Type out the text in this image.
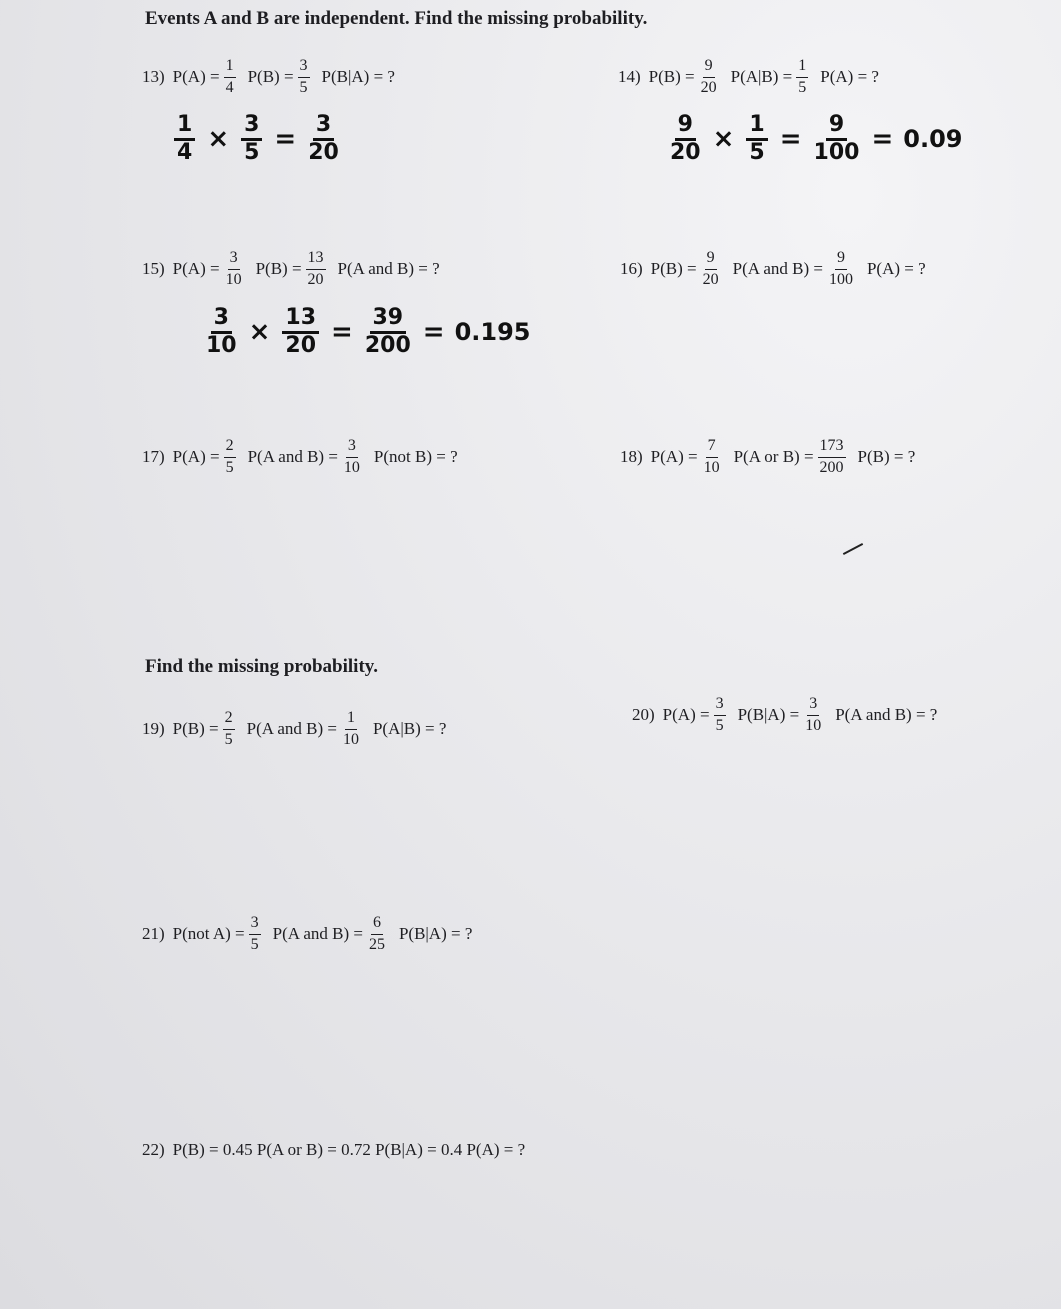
Events A and B are independent. Find the missing probability.
13) $P(A) = \frac{1}{4} P(B) = \frac{3}{5} P(B|A)$ = ?	14) $P(B) = \frac{9}{20} P(A|B) = \frac{1}{5} P(A)$ = ?
15) $P(A) = \frac{3}{10} P(B) = \frac{13}{20} P(A$ and B) = ?	16) $P(B) = \frac{9}{20} P(A$ and $B) = \frac{9}{100} P(A)$ = ?
17) $P(A) = \frac{2}{5} P(A$ and $B) = \frac{3}{10} P(not$ B) = ?	18) $P(A) = \frac{7}{10} P(A$ or $B) = \frac{173}{200} P(B)$ = ?
Find the missing probability.
19) $P(B) = \frac{2}{5} P(A$ and $B) = \frac{1}{10} P(A|B)$ = ?
20) $P(A) = \frac{3}{5} P(B|A) = \frac{3}{10} P(A$ and B) = ?
21) P(not $A) = \frac{3}{5} P(A$ and $B) = \frac{6}{25} P(B|A)$ = ?
22) P(B) = 0.45 P(A or B) = 0.72 P(B|A) = 0.4 P(A) = ?
$\frac{1}{4} \times \frac{3}{5} = \frac{3}{20}$	$\frac{9}{20} \times \frac{1}{5} = \frac{9}{100} = 0.09$
$\frac{3}{10} \times \frac{13}{20} = \frac{39}{200} = 0.195$
